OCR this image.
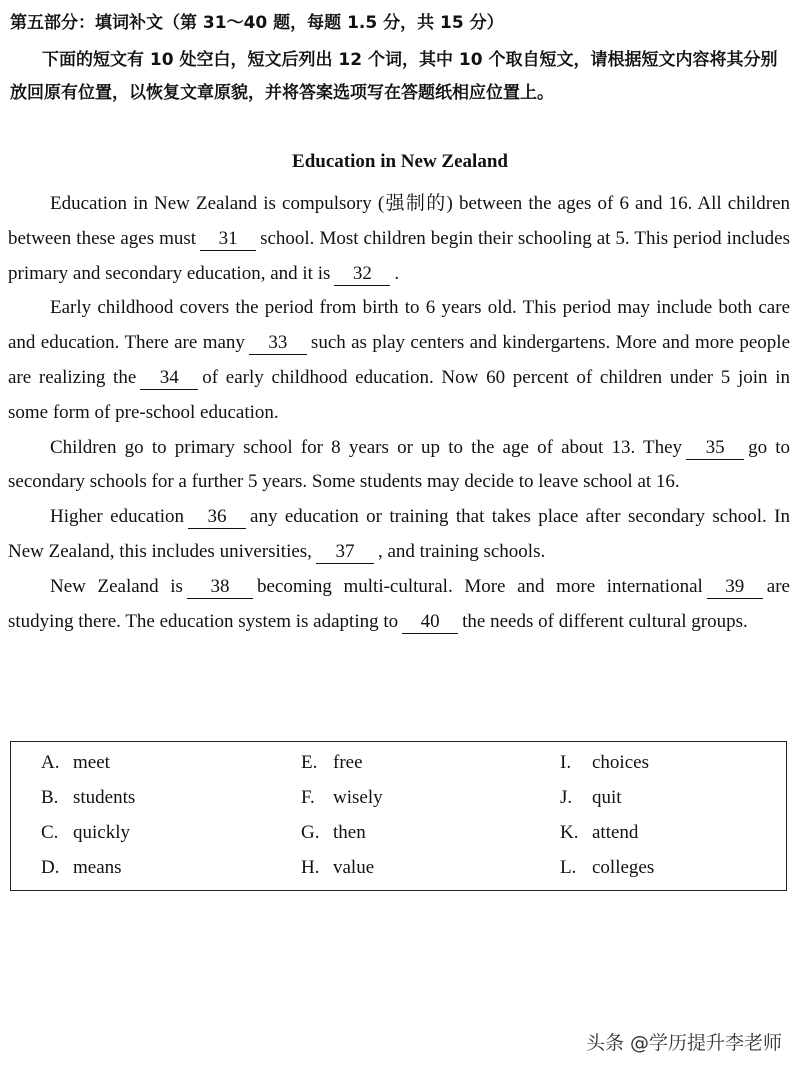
第五部分：填词补文（第 31～40 题，每题 1.5 分，共 15 分）
下面的短文有 10 处空白，短文后列出 12 个词，其中 10 个取自短文，请根据短文内容将其分别放回原有位置，以恢复文章原貌，并将答案选项写在答题纸相应位置上。
Education in New Zealand

Education in New Zealand is compulsory (强制的) between the ages of 6 and 16. All children between these ages must 31 school. Most children begin their schooling at 5. This period includes primary and secondary education, and it is 32 .

Early childhood covers the period from birth to 6 years old. This period may include both care and education. There are many 33 such as play centers and kindergartens. More and more people are realizing the 34 of early childhood education. Now 60 percent of children under 5 join in some form of pre-school education.

Children go to primary school for 8 years or up to the age of about 13. They 35 go to secondary schools for a further 5 years. Some students may decide to leave school at 16.

Higher education 36 any education or training that takes place after secondary school. In New Zealand, this includes universities, 37 , and training schools.

New Zealand is 38 becoming multi-cultural. More and more international 39 are studying there. The education system is adapting to 40 the needs of different cultural groups.

A. meet
B. students
C. quickly
D. means
E. free
F. wisely
G. then
H. value
I. choices
J. quit
K. attend
L. colleges
头条 @学历提升李老师
